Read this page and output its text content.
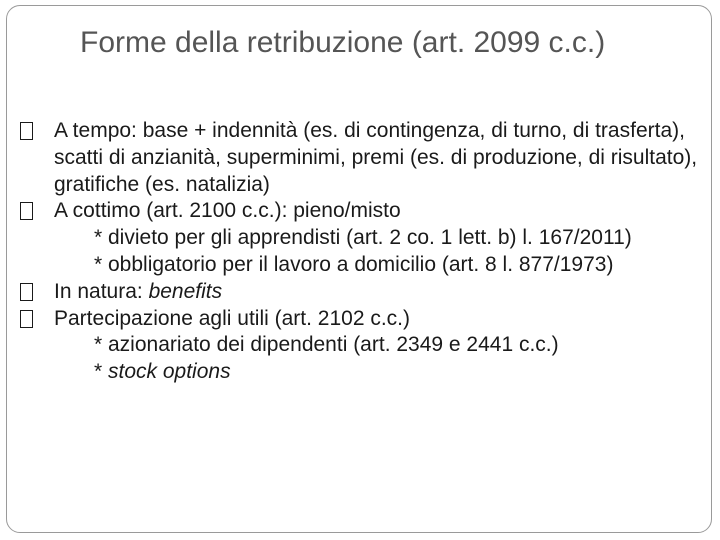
Forme della retribuzione (art. 2099 c.c.)
A tempo: base + indennità (es. di contingenza, di turno, di trasferta), scatti di anzianità, superminimi, premi (es. di produzione, di risultato), gratifiche (es. natalizia)
A cottimo (art. 2100 c.c.): pieno/misto
* divieto per gli apprendisti (art. 2 co. 1 lett. b) l. 167/2011)
* obbligatorio per il lavoro a domicilio (art. 8 l. 877/1973)
In natura: benefits
Partecipazione agli utili (art. 2102 c.c.)
* azionariato dei dipendenti (art. 2349 e 2441 c.c.)
* stock options
